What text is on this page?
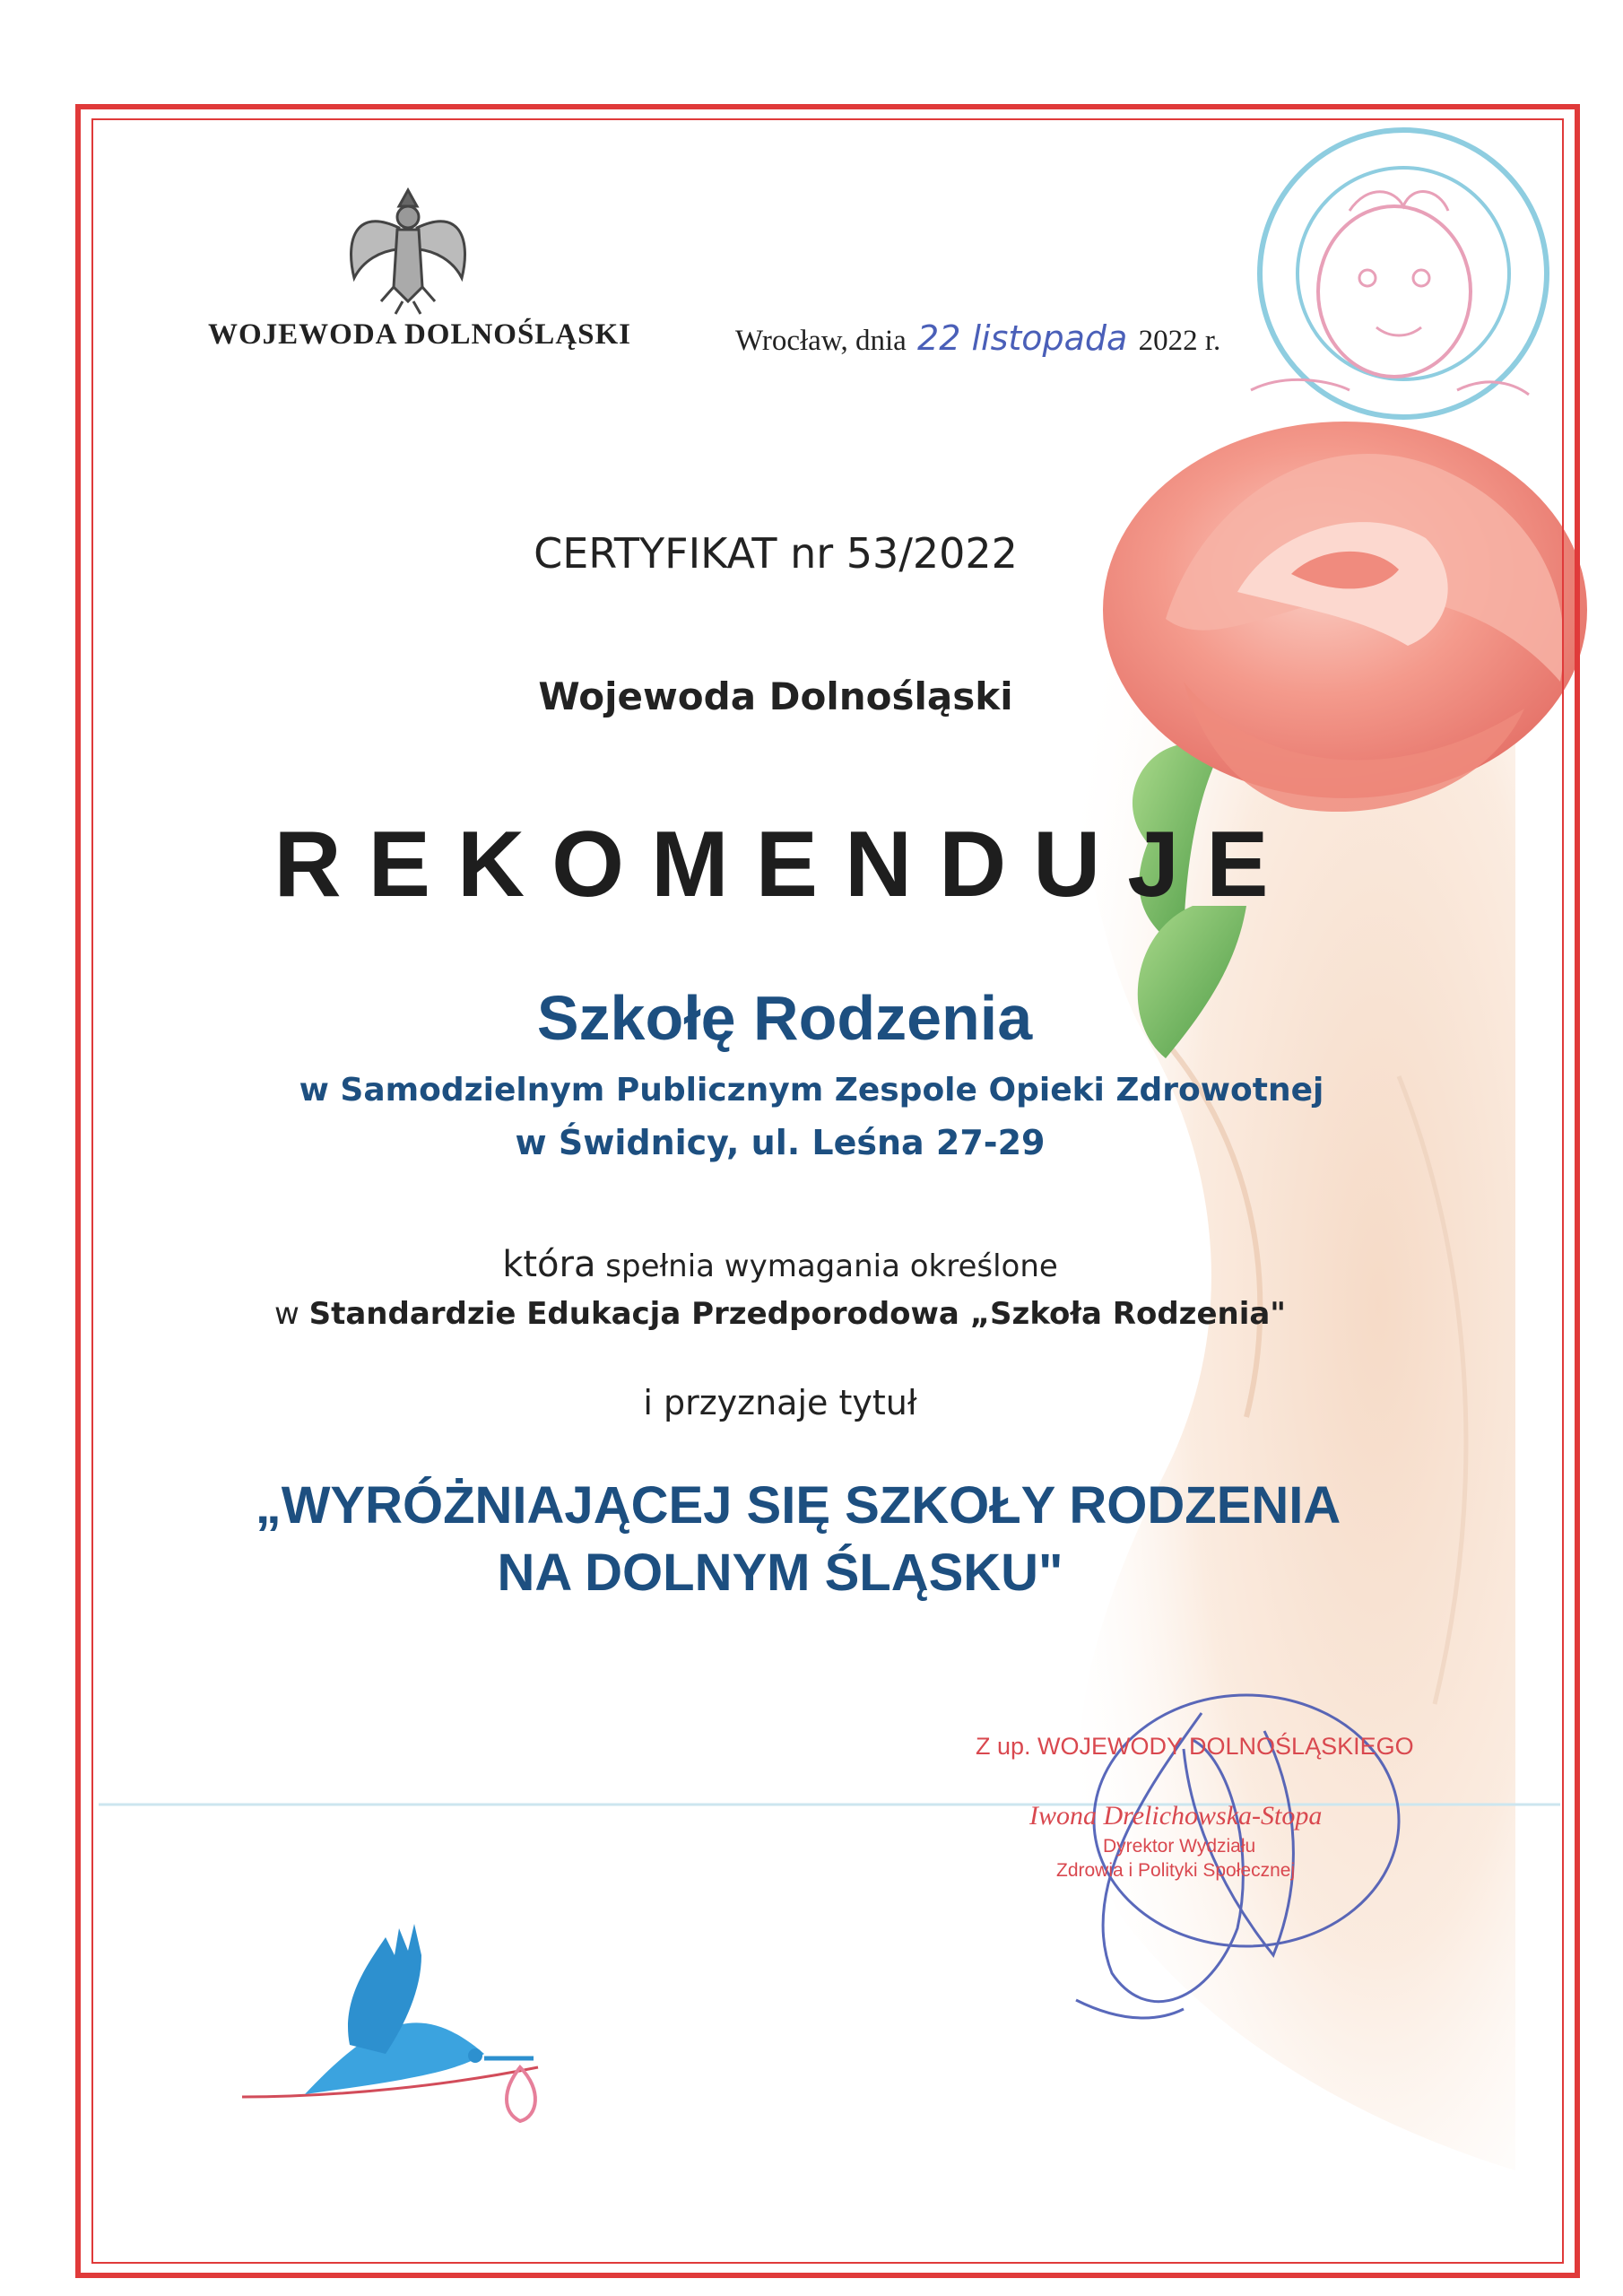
WOJEWODA DOLNOŚLĄSKI	Wrocław, dnia 22 listopada 2022 r.
CERTYFIKAT nr 53/2022
Wojewoda Dolnośląski
REKOMENDUJE
Szkołę Rodzenia
w Samodzielnym Publicznym Zespole Opieki Zdrowotnej
w Świdnicy, ul. Leśna 27-29
która spełnia wymagania określone
w Standardzie Edukacja Przedporodowa „Szkoła Rodzenia"
i przyznaje tytuł
„WYRÓŻNIAJĄCEJ SIĘ SZKOŁY RODZENIA
NA DOLNYM ŚLĄSKU"
Z up. WOJEWODY DOLNOŚLĄSKIEGO
Iwona Drelichowska-Stopa
Dyrektor Wydziału
Zdrowia i Polityki Społecznej
